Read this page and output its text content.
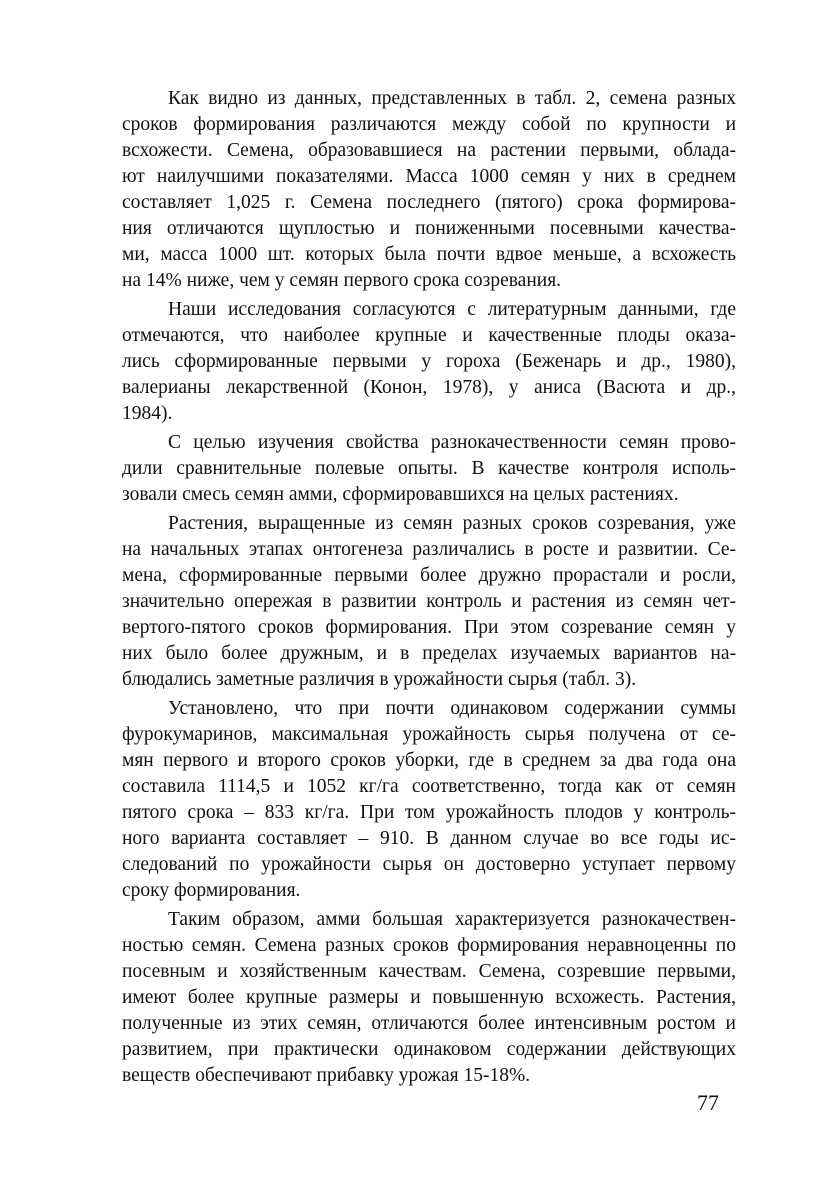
Как видно из данных, представленных в табл. 2, семена разных
сроков формирования различаются между собой по крупности и
всхожести. Семена, образовавшиеся на растении первыми, облада-
ют наилучшими показателями. Масса 1000 семян у них в среднем
составляет 1,025 г. Семена последнего (пятого) срока формирова-
ния отличаются щуплостью и пониженными посевными качества-
ми, масса 1000 шт. которых была почти вдвое меньше, а всхожесть
на 14% ниже, чем у семян первого срока созревания.

Наши исследования согласуются с литературным данными, где
отмечаются, что наиболее крупные и качественные плоды оказа-
лись сформированные первыми у гороха (Беженарь и др., 1980),
валерианы лекарственной (Конон, 1978), у аниса (Васюта и др.,
1984).

С целью изучения свойства разнокачественности семян прово-
дили сравнительные полевые опыты. В качестве контроля исполь-
зовали смесь семян амми, сформировавшихся на целых растениях.

Растения, выращенные из семян разных сроков созревания, уже
на начальных этапах онтогенеза различались в росте и развитии. Се-
мена, сформированные первыми более дружно прорастали и росли,
значительно опережая в развитии контроль и растения из семян чет-
вертого-пятого сроков формирования. При этом созревание семян у
них было более дружным, и в пределах изучаемых вариантов на-
блюдались заметные различия в урожайности сырья (табл. 3).

Установлено, что при почти одинаковом содержании суммы
фурокумаринов, максимальная урожайность сырья получена от се-
мян первого и второго сроков уборки, где в среднем за два года она
составила 1114,5 и 1052 кг/га соответственно, тогда как от семян
пятого срока – 833 кг/га. При том урожайность плодов у контроль-
ного варианта составляет – 910. В данном случае во все годы ис-
следований по урожайности сырья он достоверно уступает первому
сроку формирования.

Таким образом, амми большая характеризуется разнокачествен-
ностью семян. Семена разных сроков формирования неравноценны по
посевным и хозяйственным качествам. Семена, созревшие первыми,
имеют более крупные размеры и повышенную всхожесть. Растения,
полученные из этих семян, отличаются более интенсивным ростом и
развитием, при практически одинаковом содержании действующих
веществ обеспечивают прибавку урожая 15-18%.

77
